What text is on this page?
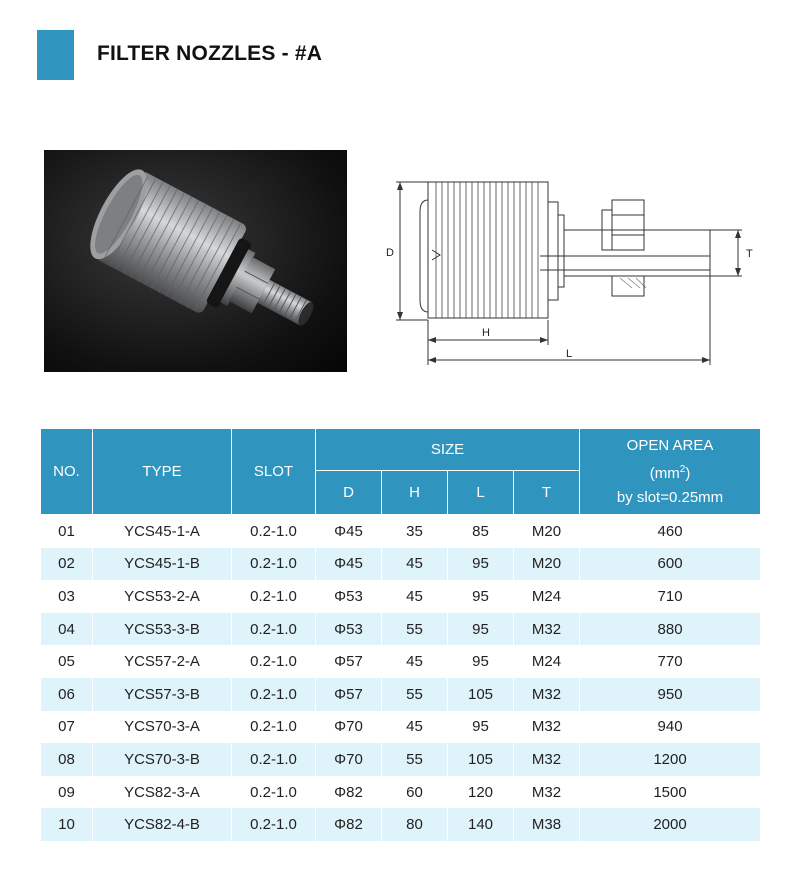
FILTER NOZZLES - #A
D	T
H
L
NO.	TYPE	SLOT	SIZE				OPEN AREA
$(mm^2)$
by slot=0.25mm

			D	H	L	T	
01	YCS45-1-A	0.2-1.0	Φ45	35	85	M20	460
02	YCS45-1-B	0.2-1.0	Φ45	45	95	M20	600
03	YCS53-2-A	0.2-1.0	Φ53	45	95	M24	710
04	YCS53-3-B	0.2-1.0	Φ53	55	95	M32	880
05	YCS57-2-A	0.2-1.0	Φ57	45	95	M24	770
06	YCS57-3-B	0.2-1.0	Φ57	55	105	M32	950
07	YCS70-3-A	0.2-1.0	Φ70	45	95	M32	940
08	YCS70-3-B	0.2-1.0	Φ70	55	105	M32	1200
09	YCS82-3-A	0.2-1.0	Φ82	60	120	M32	1500
10	YCS82-4-B	0.2-1.0	Φ82	80	140	M38	2000
